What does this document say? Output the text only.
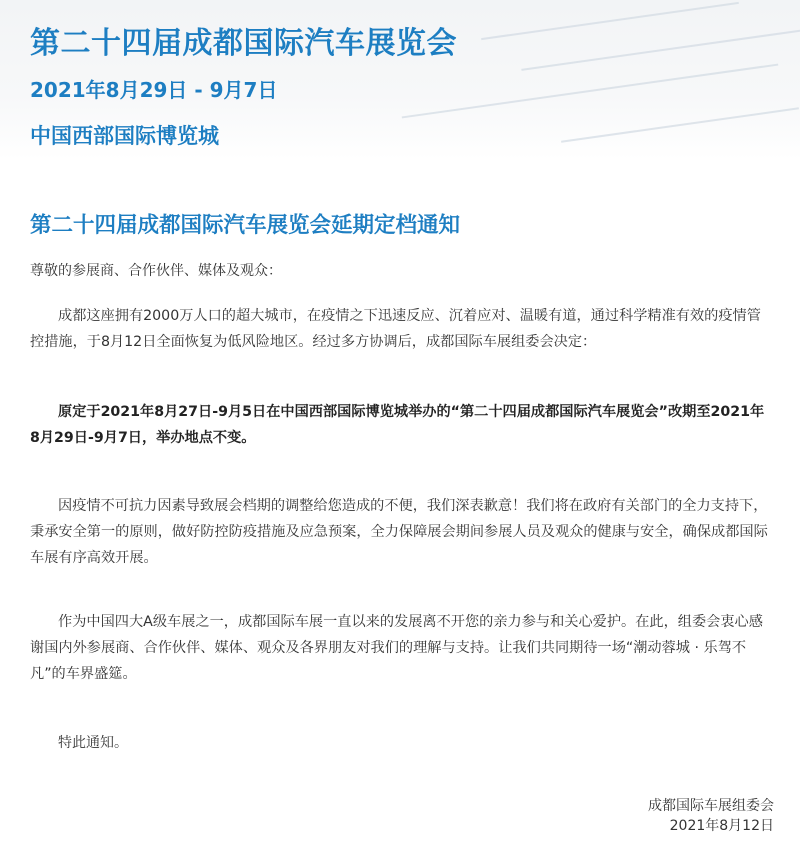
第二十四届成都国际汽车展览会
2021年8月29日 - 9月7日
中国西部国际博览城
第二十四届成都国际汽车展览会延期定档通知

尊敬的参展商、合作伙伴、媒体及观众：

成都这座拥有2000万人口的超大城市，在疫情之下迅速反应、沉着应对、温暖有道，通过科学精准有效的疫情管控措施，于8月12日全面恢复为低风险地区。经过多方协调后，成都国际车展组委会决定：

原定于2021年8月27日-9月5日在中国西部国际博览城举办的“第二十四届成都国际汽车展览会”改期至2021年8月29日-9月7日，举办地点不变。

因疫情不可抗力因素导致展会档期的调整给您造成的不便，我们深表歉意！我们将在政府有关部门的全力支持下，秉承安全第一的原则，做好防控防疫措施及应急预案，全力保障展会期间参展人员及观众的健康与安全，确保成都国际车展有序高效开展。

作为中国四大A级车展之一，成都国际车展一直以来的发展离不开您的亲力参与和关心爱护。在此，组委会衷心感谢国内外参展商、合作伙伴、媒体、观众及各界朋友对我们的理解与支持。让我们共同期待一场“潮动蓉城 · 乐驾不凡”的车界盛筵。

特此通知。

成都国际车展组委会
2021年8月12日
